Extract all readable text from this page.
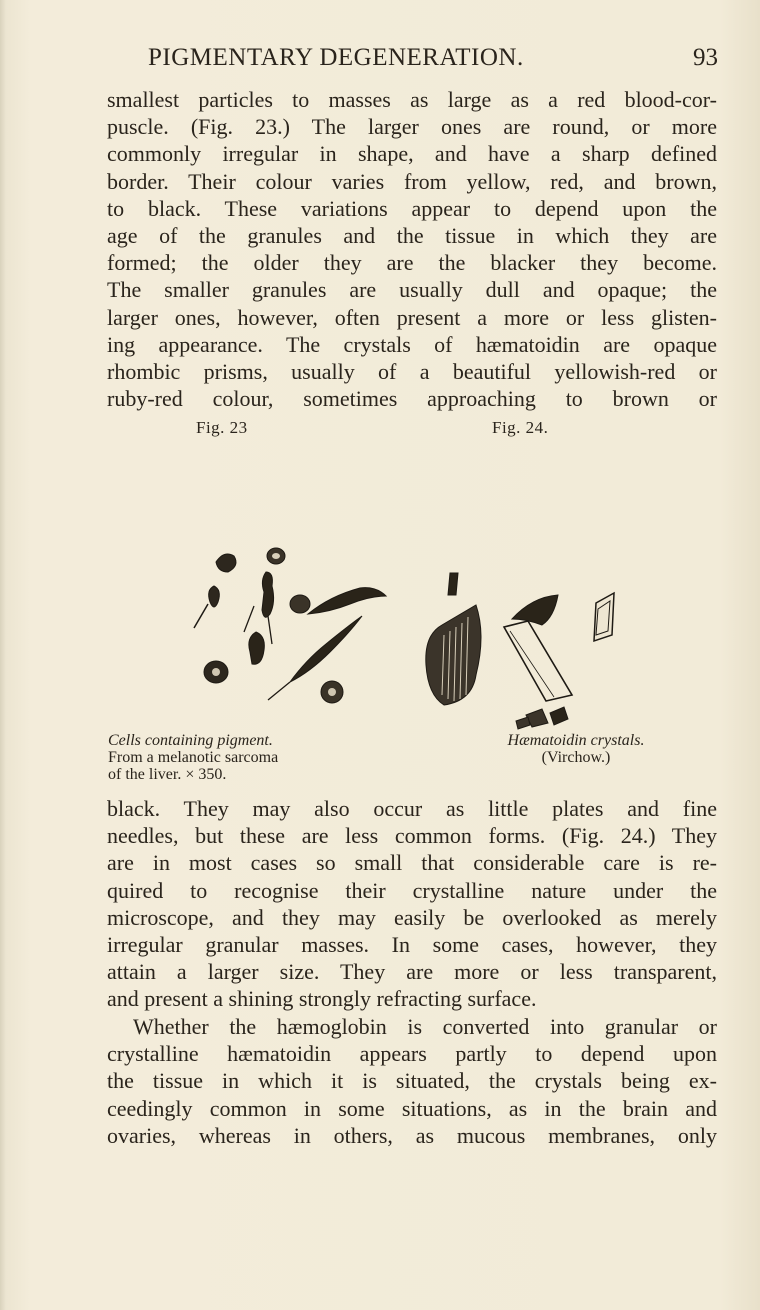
PIGMENTARY DEGENERATION.	93

smallest particles to masses as large as a red blood-cor-
puscle. (Fig. 23.) The larger ones are round, or more
commonly irregular in shape, and have a sharp defined
border. Their colour varies from yellow, red, and brown,
to black. These variations appear to depend upon the
age of the granules and the tissue in which they are
formed; the older they are the blacker they become.
The smaller granules are usually dull and opaque; the
larger ones, however, often present a more or less glisten-
ing appearance. The crystals of hæmatoidin are opaque
rhombic prisms, usually of a beautiful yellowish-red or
ruby-red colour, sometimes approaching to brown or

Fig. 23
Cells containing pigment.
From a melanotic sarcoma
of the liver. × 350.
Fig. 24.
Hæmatoidin crystals.
(Virchow.)

black. They may also occur as little plates and fine
needles, but these are less common forms. (Fig. 24.) They
are in most cases so small that considerable care is re-
quired to recognise their crystalline nature under the
microscope, and they may easily be overlooked as merely
irregular granular masses. In some cases, however, they
attain a larger size. They are more or less transparent,
and present a shining strongly refracting surface.

Whether the hæmoglobin is converted into granular or
crystalline hæmatoidin appears partly to depend upon
the tissue in which it is situated, the crystals being ex-
ceedingly common in some situations, as in the brain and
ovaries, whereas in others, as mucous membranes, only
